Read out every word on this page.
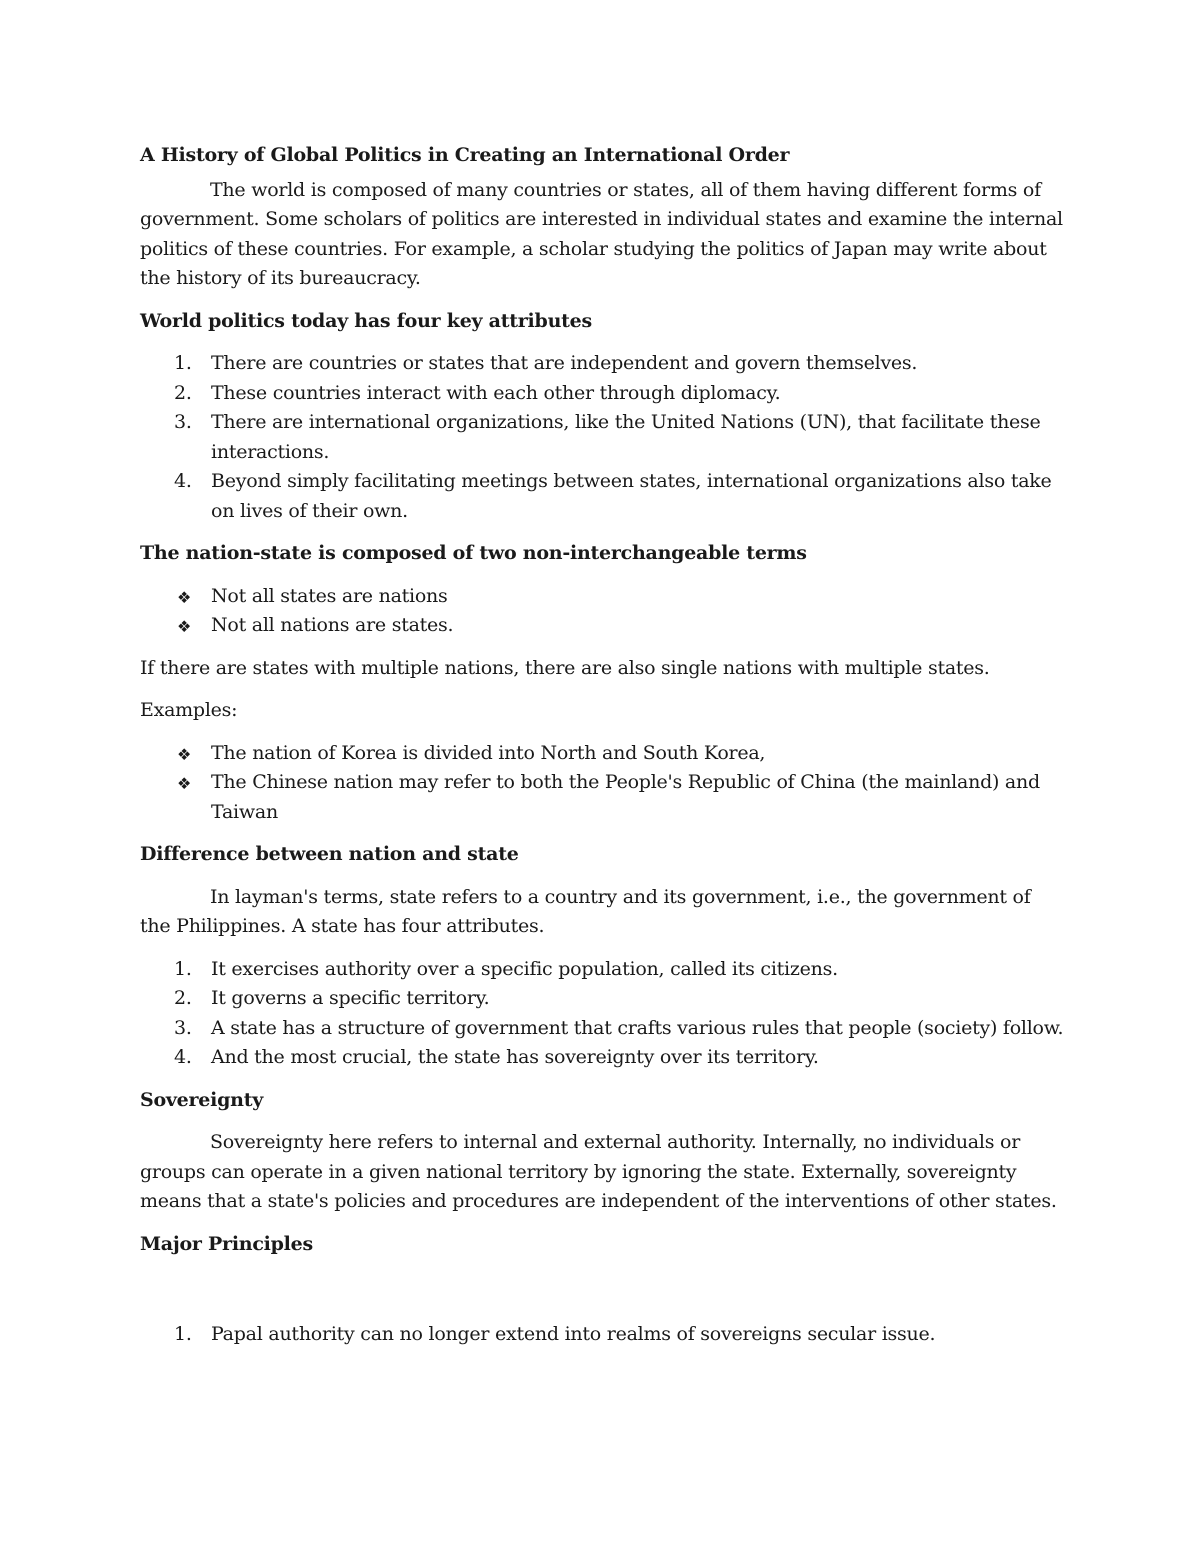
A History of Global Politics in Creating an International Order

The world is composed of many countries or states, all of them having different forms of government. Some scholars of politics are interested in individual states and examine the internal politics of these countries. For example, a scholar studying the politics of Japan may write about the history of its bureaucracy.

World politics today has four key attributes

1. There are countries or states that are independent and govern themselves.
2. These countries interact with each other through diplomacy.
3. There are international organizations, like the United Nations (UN), that facilitate these interactions.
4. Beyond simply facilitating meetings between states, international organizations also take on lives of their own.

The nation-state is composed of two non-interchangeable terms

❖ Not all states are nations
❖ Not all nations are states.

If there are states with multiple nations, there are also single nations with multiple states.

Examples:

❖ The nation of Korea is divided into North and South Korea,
❖ The Chinese nation may refer to both the People's Republic of China (the mainland) and Taiwan

Difference between nation and state

In layman's terms, state refers to a country and its government, i.e., the government of the Philippines. A state has four attributes.

1. It exercises authority over a specific population, called its citizens.
2. It governs a specific territory.
3. A state has a structure of government that crafts various rules that people (society) follow.
4. And the most crucial, the state has sovereignty over its territory.

Sovereignty

Sovereignty here refers to internal and external authority. Internally, no individuals or groups can operate in a given national territory by ignoring the state. Externally, sovereignty means that a state's policies and procedures are independent of the interventions of other states.

Major Principles

1. Papal authority can no longer extend into realms of sovereigns secular issue.
